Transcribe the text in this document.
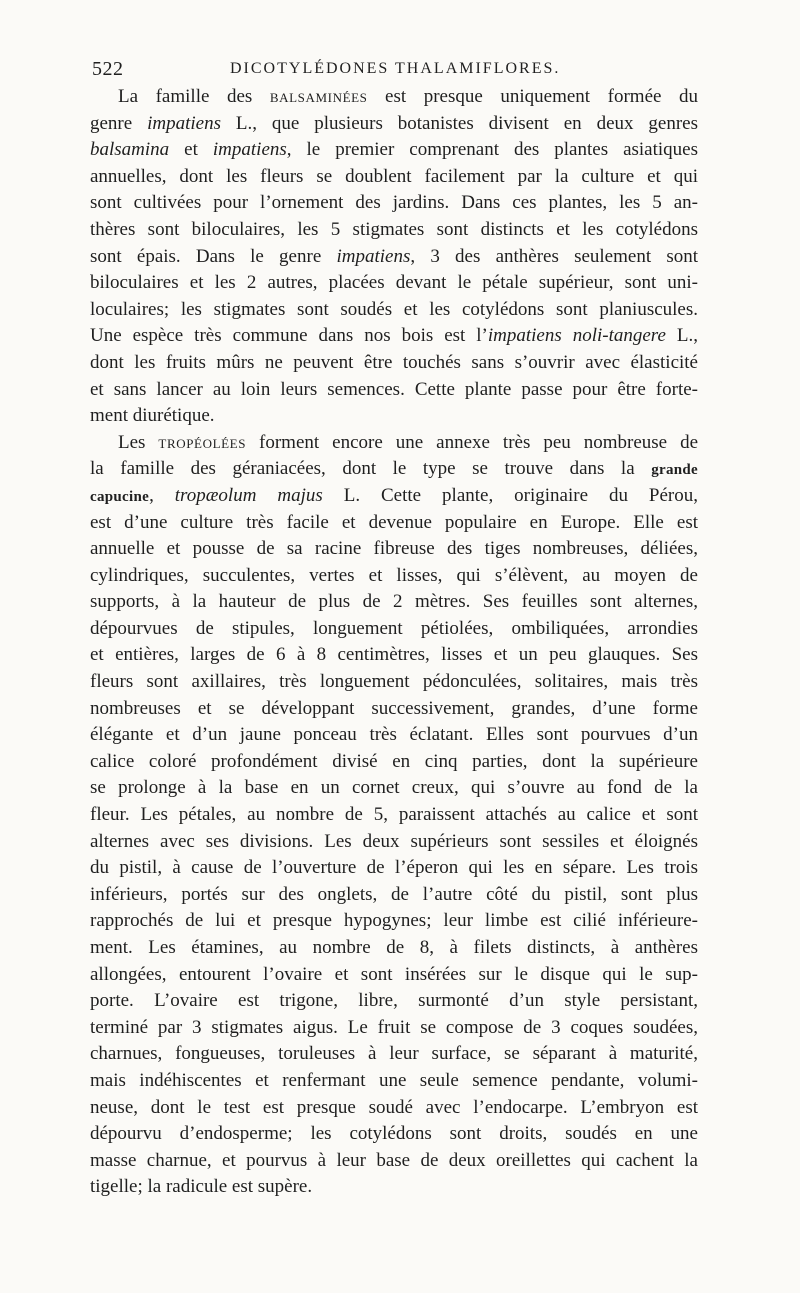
522	DICOTYLÉDONES THALAMIFLORES.
La famille des balsaminées est presque uniquement formée du
genre impatiens L., que plusieurs botanistes divisent en deux genres
balsamina et impatiens, le premier comprenant des plantes asiatiques
annuelles, dont les fleurs se doublent facilement par la culture et qui
sont cultivées pour l’ornement des jardins. Dans ces plantes, les 5 an-
thères sont biloculaires, les 5 stigmates sont distincts et les cotylédons
sont épais. Dans le genre impatiens, 3 des anthères seulement sont
biloculaires et les 2 autres, placées devant le pétale supérieur, sont uni-
loculaires; les stigmates sont soudés et les cotylédons sont planiuscules.
Une espèce très commune dans nos bois est l’impatiens noli-tangere L.,
dont les fruits mûrs ne peuvent être touchés sans s’ouvrir avec élasticité
et sans lancer au loin leurs semences. Cette plante passe pour être forte-
ment diurétique.
Les tropéolées forment encore une annexe très peu nombreuse de
la famille des géraniacées, dont le type se trouve dans la grande
capucine, tropæolum majus L. Cette plante, originaire du Pérou,
est d’une culture très facile et devenue populaire en Europe. Elle est
annuelle et pousse de sa racine fibreuse des tiges nombreuses, déliées,
cylindriques, succulentes, vertes et lisses, qui s’élèvent, au moyen de
supports, à la hauteur de plus de 2 mètres. Ses feuilles sont alternes,
dépourvues de stipules, longuement pétiolées, ombiliquées, arrondies
et entières, larges de 6 à 8 centimètres, lisses et un peu glauques. Ses
fleurs sont axillaires, très longuement pédonculées, solitaires, mais très
nombreuses et se développant successivement, grandes, d’une forme
élégante et d’un jaune ponceau très éclatant. Elles sont pourvues d’un
calice coloré profondément divisé en cinq parties, dont la supérieure
se prolonge à la base en un cornet creux, qui s’ouvre au fond de la
fleur. Les pétales, au nombre de 5, paraissent attachés au calice et sont
alternes avec ses divisions. Les deux supérieurs sont sessiles et éloignés
du pistil, à cause de l’ouverture de l’éperon qui les en sépare. Les trois
inférieurs, portés sur des onglets, de l’autre côté du pistil, sont plus
rapprochés de lui et presque hypogynes; leur limbe est cilié inférieure-
ment. Les étamines, au nombre de 8, à filets distincts, à anthères
allongées, entourent l’ovaire et sont insérées sur le disque qui le sup-
porte. L’ovaire est trigone, libre, surmonté d’un style persistant,
terminé par 3 stigmates aigus. Le fruit se compose de 3 coques soudées,
charnues, fongueuses, toruleuses à leur surface, se séparant à maturité,
mais indéhiscentes et renfermant une seule semence pendante, volumi-
neuse, dont le test est presque soudé avec l’endocarpe. L’embryon est
dépourvu d’endosperme; les cotylédons sont droits, soudés en une
masse charnue, et pourvus à leur base de deux oreillettes qui cachent la
tigelle; la radicule est supère.
